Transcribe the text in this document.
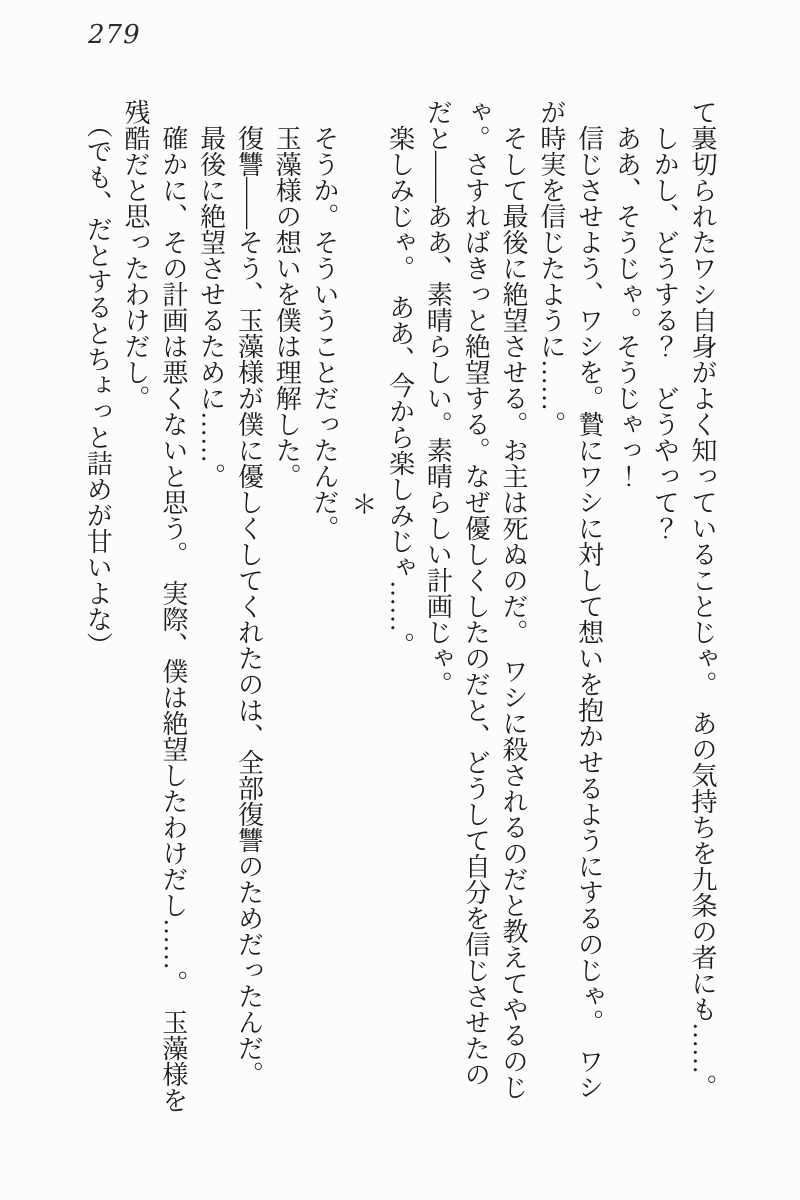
279
て裏切られたワシ自身がよく知っていることじゃ。　あの気持ちを九条の者にも……。
　しかし、どうする？　どうやって？
　ああ、そうじゃ。そうじゃっ！
　信じさせよう、ワシを。贄にワシに対して想いを抱かせるようにするのじゃ。　ワシ
が時実を信じたように……。
　そして最後に絶望させる。お主は死ぬのだ。　ワシに殺されるのだと教えてやるのじ
ゃ。さすればきっと絶望する。なぜ優しくしたのだと、どうして自分を信じさせたの
だと——ああ、素晴らしい。素晴らしい計画じゃ。
　楽しみじゃ。　ああ、今から楽しみじゃ……。
＊
　そうか。そういうことだったんだ。
　玉藻様の想いを僕は理解した。
　復讐——そう、玉藻様が僕に優しくしてくれたのは、全部復讐のためだったんだ。
　最後に絶望させるために……。
　確かに、その計画は悪くないと思う。　実際、僕は絶望したわけだし……。　玉藻様を
残酷だと思ったわけだし。
　（でも、だとするとちょっと詰めが甘いよな）
